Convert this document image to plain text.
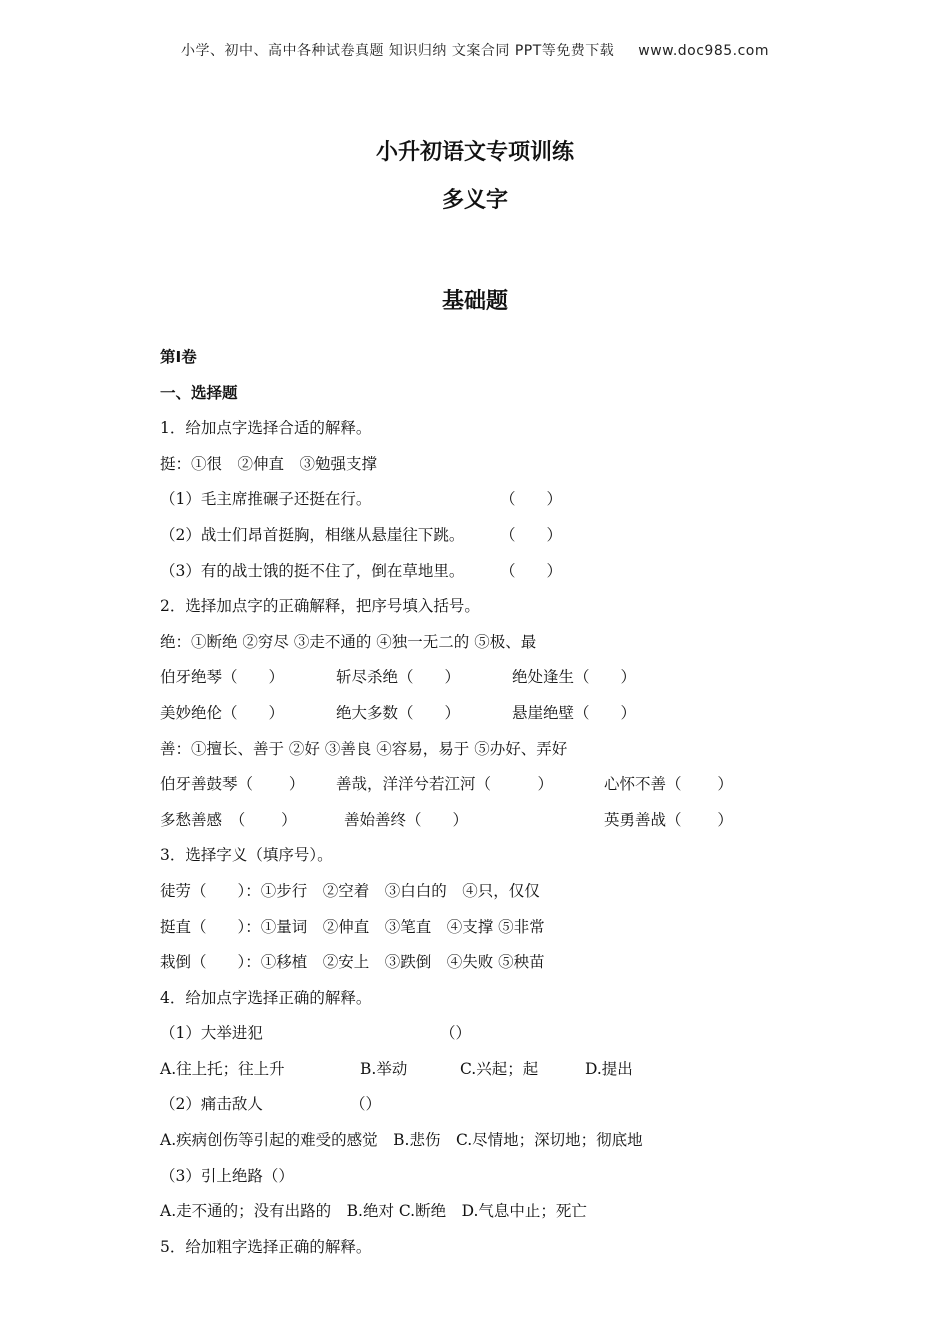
小学、初中、高中各种试卷真题 知识归纳 文案合同 PPT等免费下载 www.doc985.com
小升初语文专项训练
多义字
基础题
第Ⅰ卷
一、选择题
1．给加点字选择合适的解释。
挺：①很　②伸直　③勉强支撑
（1）毛主席推碾子还挺在行。	（　　）
（2）战士们昂首挺胸，相继从悬崖往下跳。 （　　）
（3）有的战士饿的挺不住了，倒在草地里。 （　　）
2．选择加点字的正确解释，把序号填入括号。
绝：①断绝 ②穷尽 ③走不通的 ④独一无二的 ⑤极、最
伯牙绝琴（　　）	斩尽杀绝（　　）	绝处逢生（　　）
美妙绝伦（　　）	绝大多数（　　）	悬崖绝壁（　　）
善：①擅长、善于 ②好 ③善良 ④容易，易于 ⑤办好、弄好
伯牙善鼓琴（　　 ） 善哉，洋洋兮若江河（　　　）	心怀不善（　　 ）
多愁善感　（　　 ）	善始善终（　　）	英勇善战（　　 ）
3．选择字义（填序号）。
徒劳（　　）：①步行　②空着　③白白的　④只，仅仅
挺直（　　）：①量词　②伸直　③笔直　④支撑 ⑤非常
栽倒（　　）：①移植　②安上　③跌倒　④失败 ⑤秧苗
4．给加点字选择正确的解释。
（1）大举进犯	（）
A.往上托；往上升	B.举动	C.兴起；起	D.提出
（2）痛击敌人	（）
A.疾病创伤等引起的难受的感觉　B.悲伤　C.尽情地；深切地；彻底地
（3）引上绝路（）
A.走不通的；没有出路的　B.绝对 C.断绝　D.气息中止；死亡
5．给加粗字选择正确的解释。
